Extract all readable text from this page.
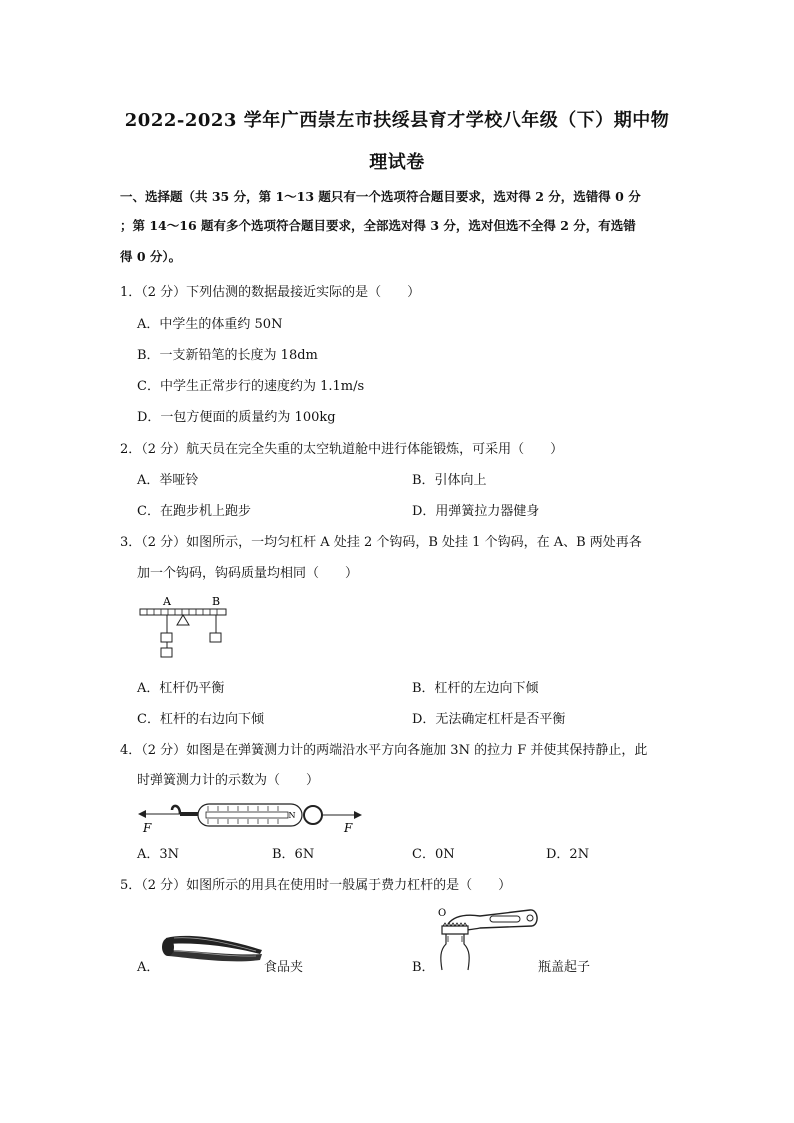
2022-2023 学年广西崇左市扶绥县育才学校八年级（下）期中物
理试卷
一、选择题（共 35 分，第 1～13 题只有一个选项符合题目要求，选对得 2 分，选错得 0 分
；第 14～16 题有多个选项符合题目要求，全部选对得 3 分，选对但选不全得 2 分，有选错
得 0 分）。
1．（2 分）下列估测的数据最接近实际的是（　　）
A．中学生的体重约 50N
B．一支新铅笔的长度为 18dm
C．中学生正常步行的速度约为 1.1m/s
D．一包方便面的质量约为 100kg
2．（2 分）航天员在完全失重的太空轨道舱中进行体能锻炼，可采用（　　）
A．举哑铃	B．引体向上
C．在跑步机上跑步	D．用弹簧拉力器健身
3．（2 分）如图所示，一均匀杠杆 A 处挂 2 个钩码，B 处挂 1 个钩码，在 A、B 两处再各
加一个钩码，钩码质量均相同（　　）
A	B
A．杠杆仍平衡	B．杠杆的左边向下倾
C．杠杆的右边向下倾	D．无法确定杠杆是否平衡
4．（2 分）如图是在弹簧测力计的两端沿水平方向各施加 3N 的拉力 F 并使其保持静止，此
时弹簧测力计的示数为（　　）
N
F	F
A．3N	B．6N	C．0N	D．2N
5．（2 分）如图所示的用具在使用时一般属于费力杠杆的是（　　）
A．	食品夹	B．
O
瓶盖起子
